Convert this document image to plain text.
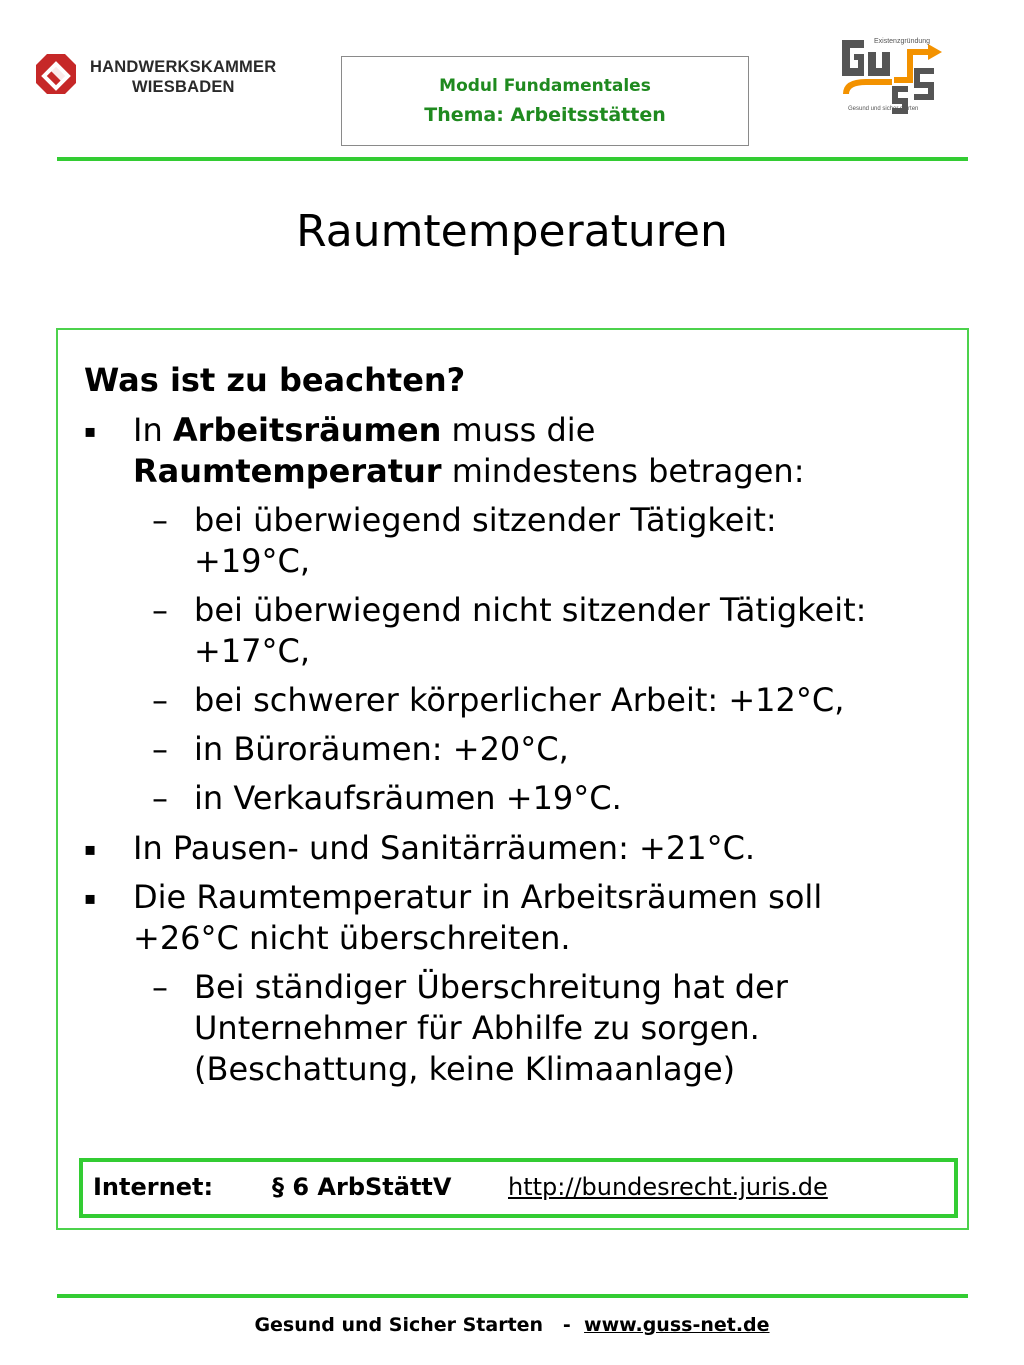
HANDWERKSKAMMER
WIESBADEN	Modul Fundamentales
Thema: Arbeitsstätten
Existenzgründung
Gesund und sicher starten
Raumtemperaturen
Was ist zu beachten?
▪ In Arbeitsräumen muss die
Raumtemperatur mindestens betragen:
– bei überwiegend sitzender Tätigkeit:
+19°C,
– bei überwiegend nicht sitzender Tätigkeit:
+17°C,
– bei schwerer körperlicher Arbeit: +12°C,
– in Büroräumen: +20°C,
– in Verkaufsräumen +19°C.
▪ In Pausen- und Sanitärräumen: +21°C.
▪ Die Raumtemperatur in Arbeitsräumen soll
+26°C nicht überschreiten.
– Bei ständiger Überschreitung hat der
Unternehmer für Abhilfe zu sorgen.
(Beschattung, keine Klimaanlage)
Internet: § 6 ArbStättV http://bundesrecht.juris.de
Gesund und Sicher Starten   -  www.guss-net.de
